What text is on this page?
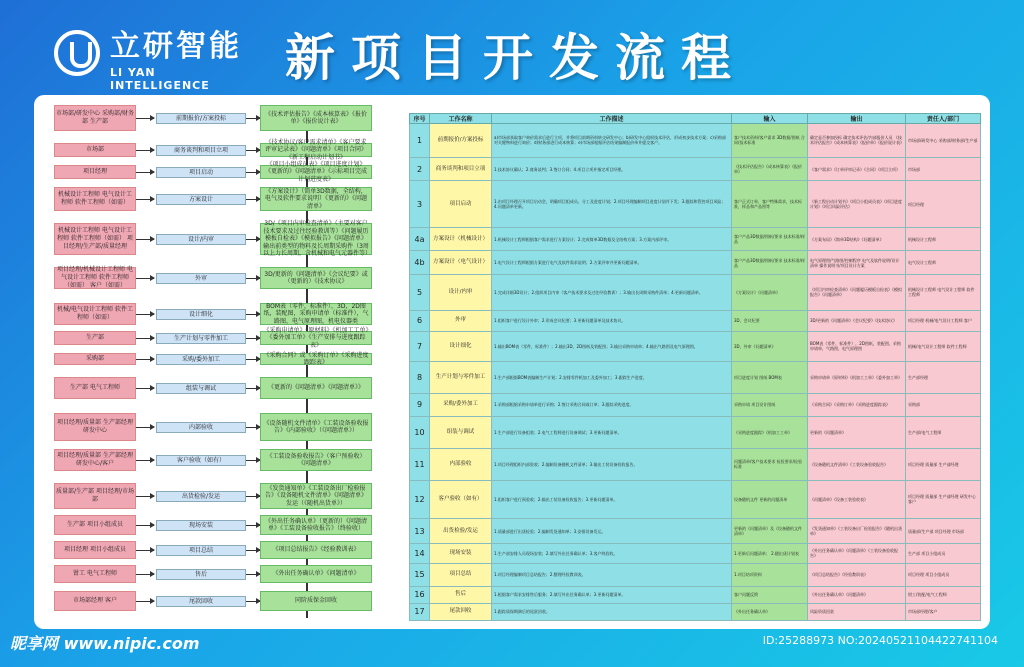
立研智能
LI YAN INTELLIGENCE	新项目开发流程
市场部/研发中心 采购部/财务部 生产部	前期报价/方案投标
《技术评估报告》《成本核算表》《报价单》《报价说计表》
市场部	商务谈判和项目立项
《技术协议/客户需求清单》《客户要求评审记录表》《问题清单》《项目合同》《新工程启动计划书》
项目经理	项目启动
《项目小组成员表》《项目进度计划》《更新的》《问题清单》《示标项目完成计划进度表》
机械设计工程师 电气设计工程师 软件工程师（如需）	方案设计
《方案设计》（简单3D数据，全结构，电气及软件要求说明）《更新的》《问题清单》
机械设计工程师 电气设计工程师 软件工程师（如需） 项目经理/生产部/质量经理
设计/内审
3D/《项目内审检查清单》（主要对客户技术要求及过往经验教训等）《问题履历模板自检表》《模拟报告》《问题清单》输出前类型的物料及长周期采购件（3周以上力长周期，含机械和电气元器件等）
项目经理/机械设计工程师 电气设计工程师 软件工程师（如需） 客户（如需）
外审
3D/更新的《问题清单》《会议纪要》或（更新的）《技术协议》
机械/电气设计工程师 软件工程师（如需）	设计细化
BOM表（零件，标准件），3D，2D图纸，装配图，采购申请单（标准件），气路图，电气原理图，机电仪器类
生产部	生产计划与零件加工
《采购申请单》《原材料》《机加工工单》《委外加工单》《生产安排与进度跟踪表》
采购部	采购/委外加工
《采购合同》或《采购订单》《采购进度跟踪表》
生产部 电气工程师	组装与调试	《更新的《问题清单》《问题清单》》
项目经理/质量部 生产部经理 研发中心	内部验收
《设备随机文件清单》《工装设备验收报告》《内部验收》（《问题清单》）
项目经理/质量部 生产部经理 研发中心/客户	客户验收（如有）
《工装设备验收报告》（客户预验收）《问题清单》
质量部/生产部 项目经理/市场部	出货检验/发运
《发货通知单》《工装设备出厂检验报告》《设备随机文件清单》《问题清单》发运（《随机出货单》）
生产部 项目小组成员	现场安装
《外出任务确认单》（更新的）《问题清单》《工装设备验收报告》（终验收）
项目经理 项目小组成员	项目总结	《项目总结报告》《经验教训表》
钳工 电气工程师	售后	《外出任务确认单》《问题清单》
市场部经理 客户	尾款回收	同阶质保金回收
序号	工作名称	工作描述	输入	输出	责任人/部门
1	前期报价/方案投标	a)市场部获取客户询价需求后进行立项，并将项目前期资料转交研发中心；b)研发中心组织技术评估，形成初步技术方案；c)采购部对关键物料进行询价；d)财务部进行成本核算；e)市场部根据评估结果编制报价单并提交客户。	客户技术资料/客户需求 3D数据/图纸 合同/技术标准	确定是否参加投标 确定技术评估/内部报价人员 《技术评估报告》《成本核算表》《报价单》《报价说计表》	市场部/研发中心 采购部/财务部/生产部
2	商务谈判和项目立项	1.技术协议确认；2.商务谈判；3.签订合同；4.项目立项并指定项目经理。	《技术评估报告》《成本核算表》《报价单》	《客户需求》《订单评审记录》《合同》《项目立项》	市场部
3	项目启动	1.由项目经理召开项目启动会，明确项目组成员、分工及进度计划；2.项目经理编制项目进度计划并下发；3.跟踪和管控项目风险；4.问题清单更新。	客户正式订单，客户特殊需求，技术标准，样品和产品图等	《新工程启动计划书》《项目小组成员表》《项目进度计划》《项目风险评估》	项目经理
4a	方案设计（机械设计）	1.机械设计工程师根据客户需求进行方案设计；2.完成简单3D数据及全结构方案；3.方案内部评审。	客户产品3D数据/图纸/要求 技术标准/样品	《方案布局》《简单3D结构》《问题清单》	机械设计工程师
4b	方案设计（电气设计）	1.电气设计工程师根据方案进行电气及软件需求说明；2.方案评审并更新问题清单。	客户产品3D数据/图纸/要求 技术标准/样品	电气原理图/气路图/控制程序 电气及软件说明/设计清单 操作说明书/项目设计方案	电气设计工程师
5	设计/内审	1.完成详细3D设计；2.组织项目内审（客户技术要求及过往经验教训）；3.输出长周期采购件清单；4.更新问题清单。	《方案设计》《问题清单》	《项目内审检查清单》《问题履历模板自检表》《模拟报告》《问题清单》	机械设计工程师 电气设计工程师 软件工程师
6	外审	1.组织客户进行设计外审；2.形成会议纪要；3.更新问题清单及技术协议。	3D，会议纪要	3D/更新的《问题清单》《会议纪要》《技术协议》	项目经理 机械/电气设计工程师 客户
7	设计细化	1.输出BOM表（零件，标准件）；2.输出3D、2D图纸及装配图；3.输出采购申请单；4.输出气路图及电气原理图。	3D，外审《问题清单》	BOM表（零件，标准件），2D图纸，装配图，采购申请单，气路图，电气原理图	机械/电气设计工程师 软件工程师
8	生产计划与零件加工	1.生产部根据BOM表编制生产计划；2.安排零件机加工及委外加工；3.跟踪生产进度。	项目进度计划 图纸 BOM表	采购申请单《原材料》《机加工工单》《委外加工单》	生产部经理
9	采购/委外加工	1.采购部根据采购申请单进行采购；2.签订采购合同或订单；3.跟踪采购进度。	采购申请 项目设计图纸	《采购合同》《采购订单》《采购进度跟踪表》	采购部
10	组装与调试	1.生产部进行设备组装；2.电气工程师进行设备调试；3.更新问题清单。	《采购进度跟踪》《机加工工单》	更新的《问题清单》	生产部/电气工程师
11	内部验收	1.项目经理组织内部验收；2.编制设备随机文件清单；3.输出工装设备验收报告。	问题清单/客户技术要求 检验要求/检验标准	《设备随机文件清单》《工装设备验收报告》	项目经理 质量部 生产部经理
12	客户验收（如有）	1.组织客户进行预验收；2.输出工装设备验收报告；3.更新问题清单。	设备随机文件 更新的问题清单	《问题清单》《设备工装验收表》	项目经理 质量部 生产部经理 研发中心 客户
13	出货检验/发运	1.质量部进行出货检验；2.编制发货通知单；3.安排设备发运。	更新的《问题清单》及《设备随机文件清单》	《发货通知单》《工装设备出厂检验报告》《随机出货单》	质量部/生产部 项目经理 市场部
14	现场安装	1.生产部安排人员现场安装；2.填写外出任务确认单；3.客户终验收。	1.更新后问题清单； 2.随出货计划表	《外出任务确认单》《问题清单》《工装设备验收报告》	生产部 项目小组成员
15	项目总结	1.项目经理编制项目总结报告；2.整理经验教训表。	1.项目结项资料	《项目总结报告》《经验教训表》	项目经理 项目小组成员
16	售后	1.根据客户需求安排售后服务；2.填写外出任务确认单；3.更新问题清单。	客户问题反馈	《外出任务确认单》《问题清单》	钳工/装配/电气工程师
17	尾款回收	1.跟踪质保期满后的尾款回收。	《外出任务确认单》	风险资质回款	市场部经理/客户
昵享网 www.nipic.com	ID:25288973 NO:20240521104422741104
